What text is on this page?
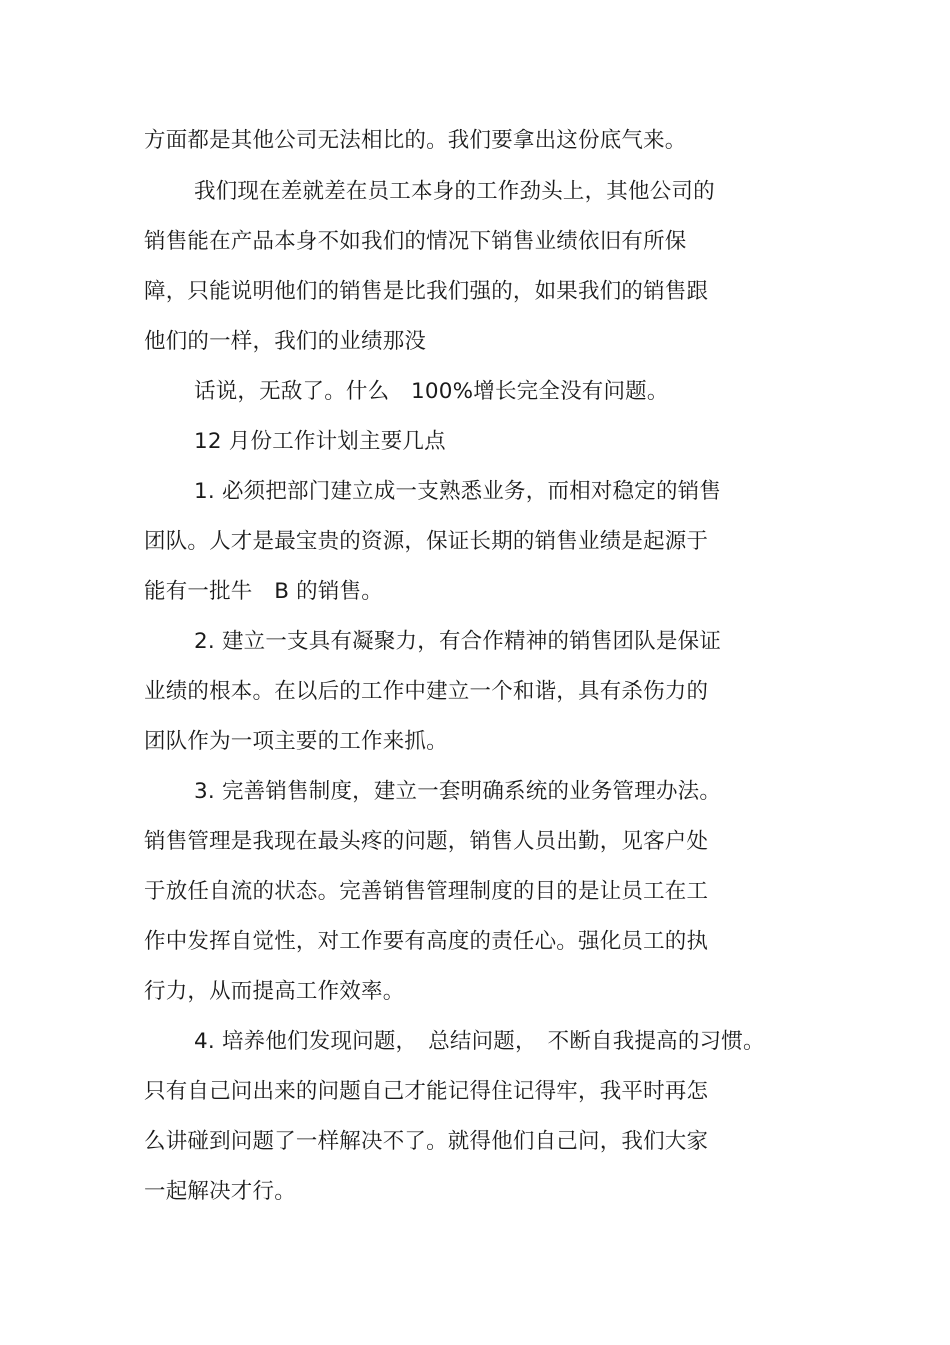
方面都是其他公司无法相比的。我们要拿出这份底气来。
我们现在差就差在员工本身的工作劲头上，其他公司的
销售能在产品本身不如我们的情况下销售业绩依旧有所保
障，只能说明他们的销售是比我们强的，如果我们的销售跟
他们的一样，我们的业绩那没
话说，无敌了。什么　100%增长完全没有问题。
12 月份工作计划主要几点
1. 必须把部门建立成一支熟悉业务，而相对稳定的销售
团队。人才是最宝贵的资源，保证长期的销售业绩是起源于
能有一批牛　B 的销售。
2. 建立一支具有凝聚力，有合作精神的销售团队是保证
业绩的根本。在以后的工作中建立一个和谐，具有杀伤力的
团队作为一项主要的工作来抓。
3. 完善销售制度，建立一套明确系统的业务管理办法。
销售管理是我现在最头疼的问题，销售人员出勤，见客户处
于放任自流的状态。完善销售管理制度的目的是让员工在工
作中发挥自觉性，对工作要有高度的责任心。强化员工的执
行力，从而提高工作效率。
4. 培养他们发现问题，　总结问题，　不断自我提高的习惯。
只有自己问出来的问题自己才能记得住记得牢，我平时再怎
么讲碰到问题了一样解决不了。就得他们自己问，我们大家
一起解决才行。
